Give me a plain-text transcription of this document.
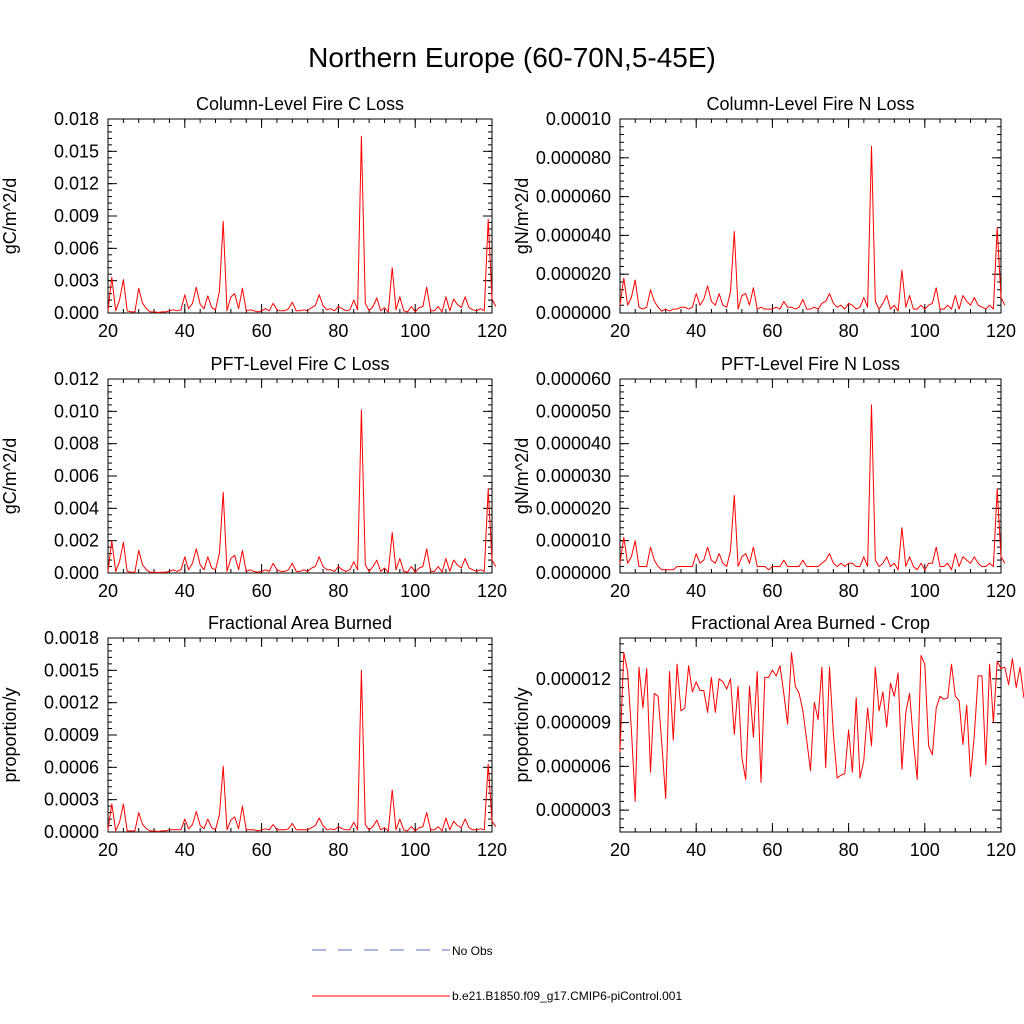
Northern Europe (60-70N,5-45E)
Column-Level Fire C Loss
gC/m^2/d
0.000
0.003
0.006
0.009
0.012
0.015
0.018
20	40	60	80	100	120
Column-Level Fire N Loss
gN/m^2/d
0.000000
0.000020
0.000040
0.000060
0.000080
0.00010
20	40	60	80	100	120
PFT-Level Fire C Loss
gC/m^2/d
0.000
0.002
0.004
0.006
0.008
0.010
0.012
20	40	60	80	100	120
PFT-Level Fire N Loss
gN/m^2/d
0.000000
0.000010
0.000020
0.000030
0.000040
0.000050
0.000060
20	40	60	80	100	120
Fractional Area Burned
proportion/y
0.0000
0.0003
0.0006
0.0009
0.0012
0.0015
0.0018
20	40	60	80	100	120
Fractional Area Burned - Crop
proportion/y
0.000003
0.000006
0.000009
0.000012
20	40	60	80	100	120
No Obs
b.e21.B1850.f09_g17.CMIP6-piControl.001
